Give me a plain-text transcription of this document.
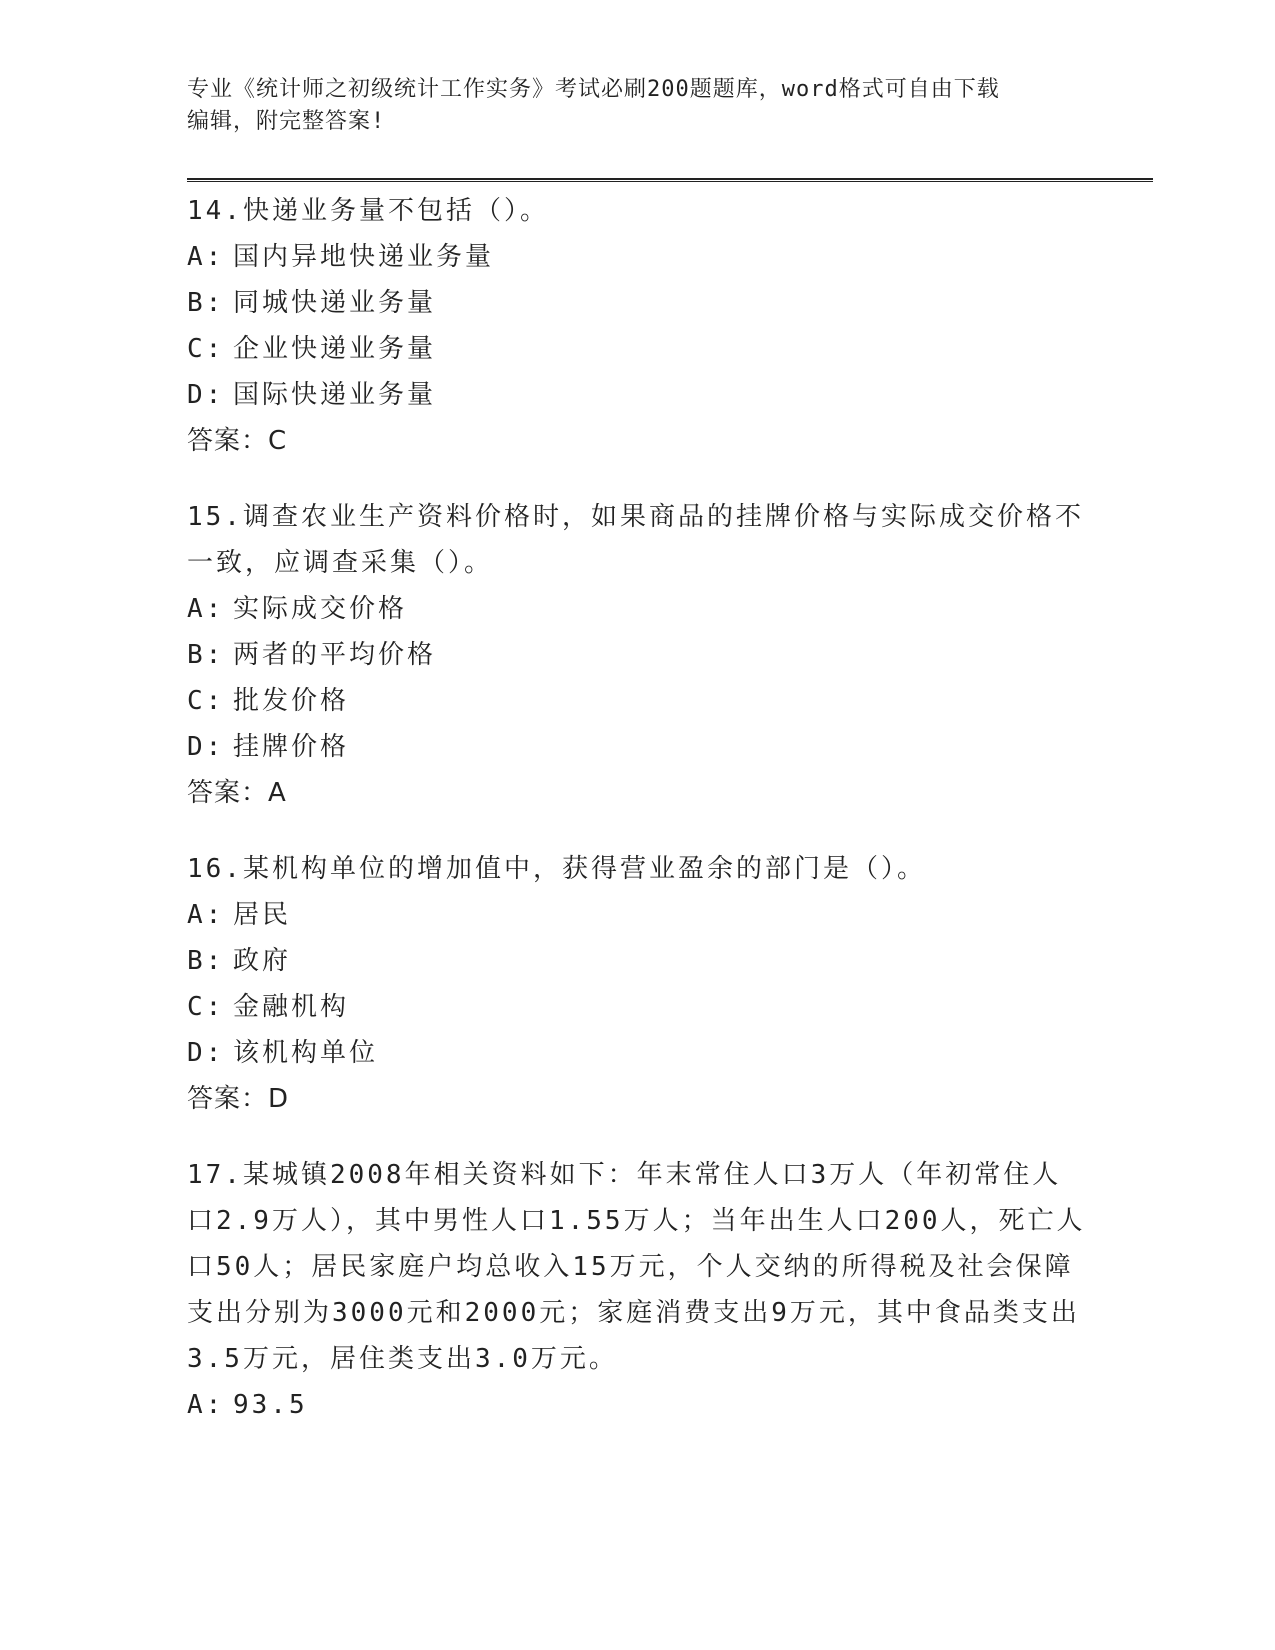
专业《统计师之初级统计工作实务》考试必刷200题题库，word格式可自由下载
编辑，附完整答案!

14.快递业务量不包括（）。

A: 国内异地快递业务量

B: 同城快递业务量

C: 企业快递业务量

D: 国际快递业务量

答案：C

15.调查农业生产资料价格时，如果商品的挂牌价格与实际成交价格不一致，应调查采集（）。

A: 实际成交价格

B: 两者的平均价格

C: 批发价格

D: 挂牌价格

答案：A

16.某机构单位的增加值中，获得营业盈余的部门是（）。

A: 居民

B: 政府

C: 金融机构

D: 该机构单位

答案：D

17.某城镇2008年相关资料如下：年末常住人口3万人（年初常住人口2.9万人），其中男性人口1.55万人；当年出生人口200人，死亡人口50人；居民家庭户均总收入15万元，个人交纳的所得税及社会保障支出分别为3000元和2000元；家庭消费支出9万元，其中食品类支出3.5万元，居住类支出3.0万元。

A: 93.5
